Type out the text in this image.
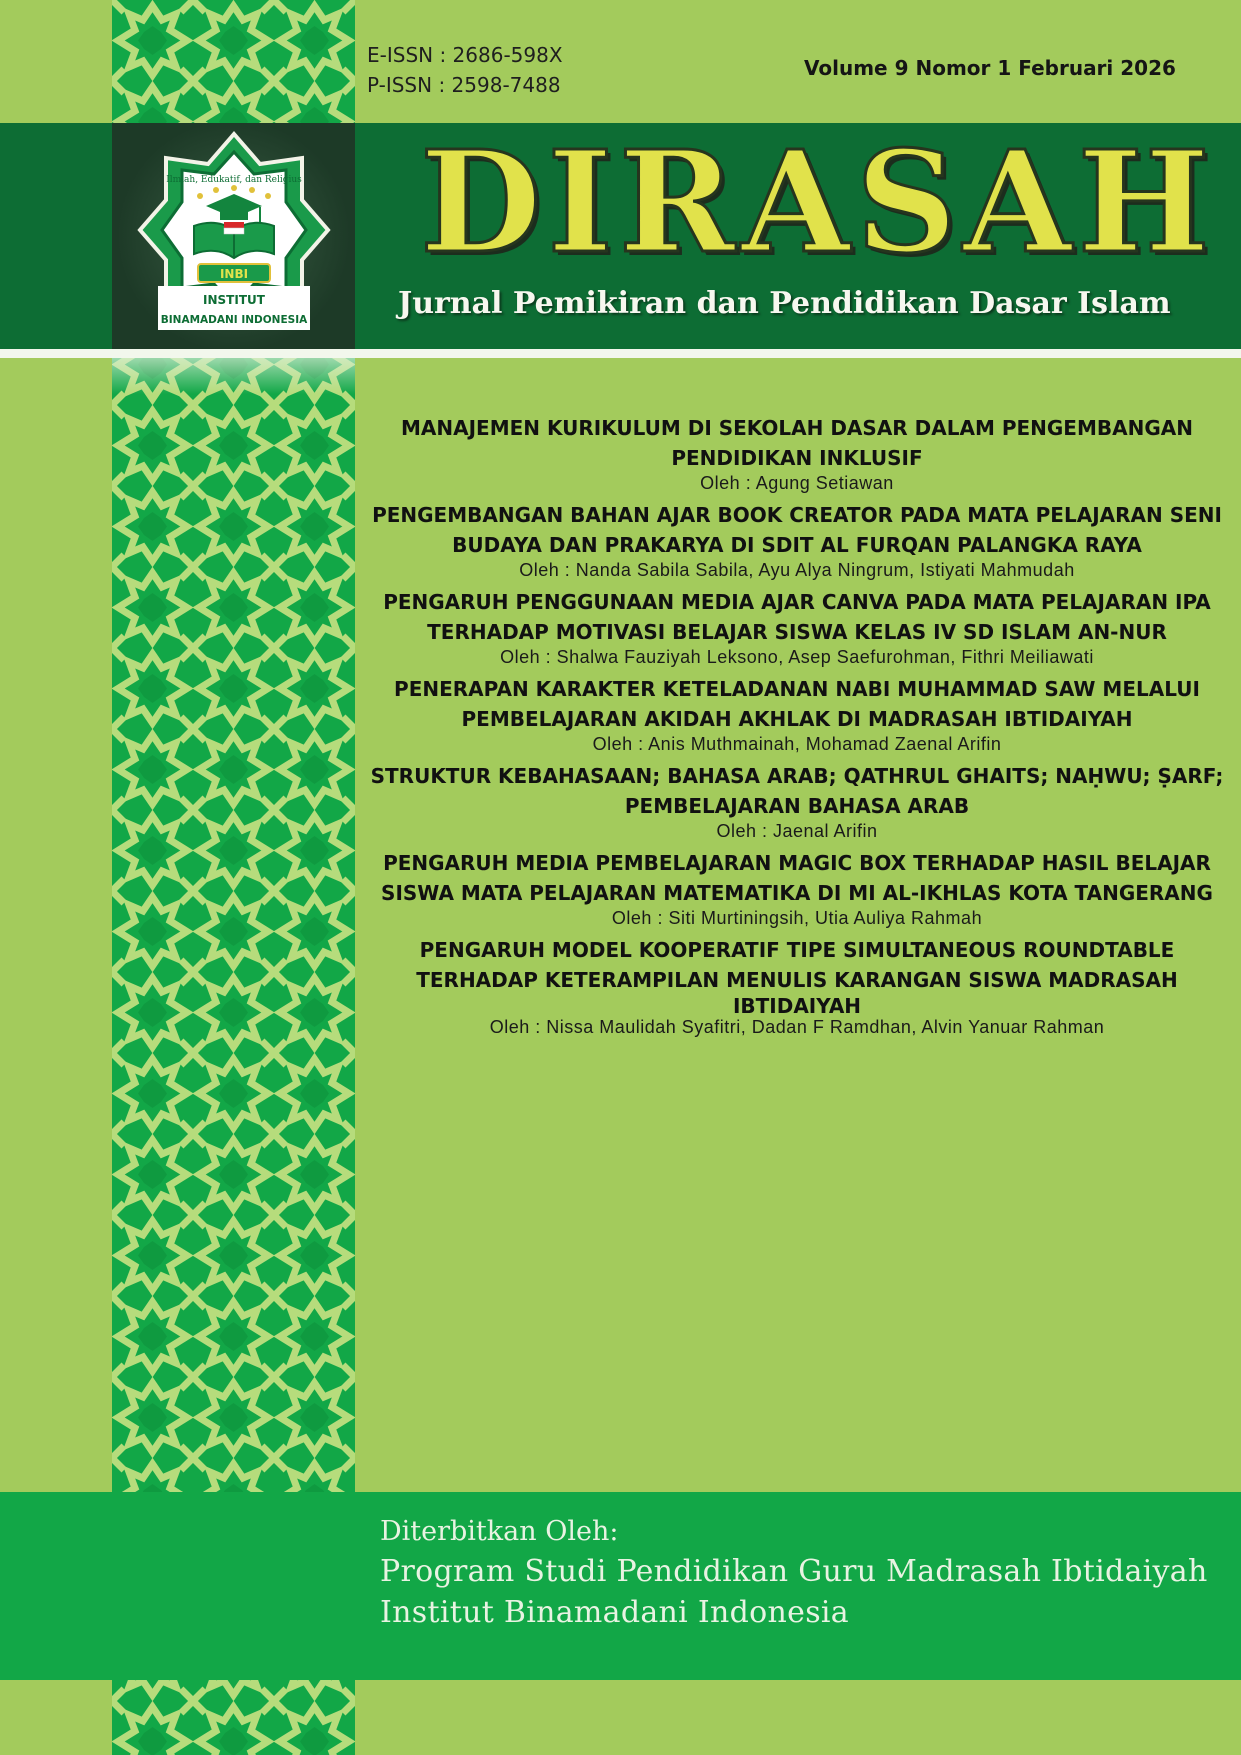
E-ISSN : 2686-598X
P-ISSN : 2598-7488
Volume 9 Nomor 1 Februari 2026
Ilmiah, Edukatif, dan Religius
INBI
INSTITUT
BINAMADANI INDONESIA
DIRASAH
Jurnal Pemikiran dan Pendidikan Dasar Islam
MANAJEMEN KURIKULUM DI SEKOLAH DASAR DALAM PENGEMBANGAN
PENDIDIKAN INKLUSIF
Oleh : Agung Setiawan
PENGEMBANGAN BAHAN AJAR BOOK CREATOR PADA MATA PELAJARAN SENI
BUDAYA DAN PRAKARYA DI SDIT AL FURQAN PALANGKA RAYA
Oleh : Nanda Sabila Sabila, Ayu Alya Ningrum, Istiyati Mahmudah
PENGARUH PENGGUNAAN MEDIA AJAR CANVA PADA MATA PELAJARAN IPA
TERHADAP MOTIVASI BELAJAR SISWA KELAS IV SD ISLAM AN-NUR
Oleh : Shalwa Fauziyah Leksono, Asep Saefurohman, Fithri Meiliawati
PENERAPAN KARAKTER KETELADANAN NABI MUHAMMAD SAW MELALUI
PEMBELAJARAN AKIDAH AKHLAK DI MADRASAH IBTIDAIYAH
Oleh : Anis Muthmainah, Mohamad Zaenal Arifin
STRUKTUR KEBAHASAAN; BAHASA ARAB; QATHRUL GHAITS; NAḤWU; ṢARF;
PEMBELAJARAN BAHASA ARAB
Oleh : Jaenal Arifin
PENGARUH MEDIA PEMBELAJARAN MAGIC BOX TERHADAP HASIL BELAJAR
SISWA MATA PELAJARAN MATEMATIKA DI MI AL-IKHLAS KOTA TANGERANG
Oleh : Siti Murtiningsih, Utia Auliya Rahmah
PENGARUH MODEL KOOPERATIF TIPE SIMULTANEOUS ROUNDTABLE
TERHADAP KETERAMPILAN MENULIS KARANGAN SISWA MADRASAH
IBTIDAIYAH
Oleh : Nissa Maulidah Syafitri, Dadan F Ramdhan, Alvin Yanuar Rahman
Diterbitkan Oleh:
Program Studi Pendidikan Guru Madrasah Ibtidaiyah
Institut Binamadani Indonesia
